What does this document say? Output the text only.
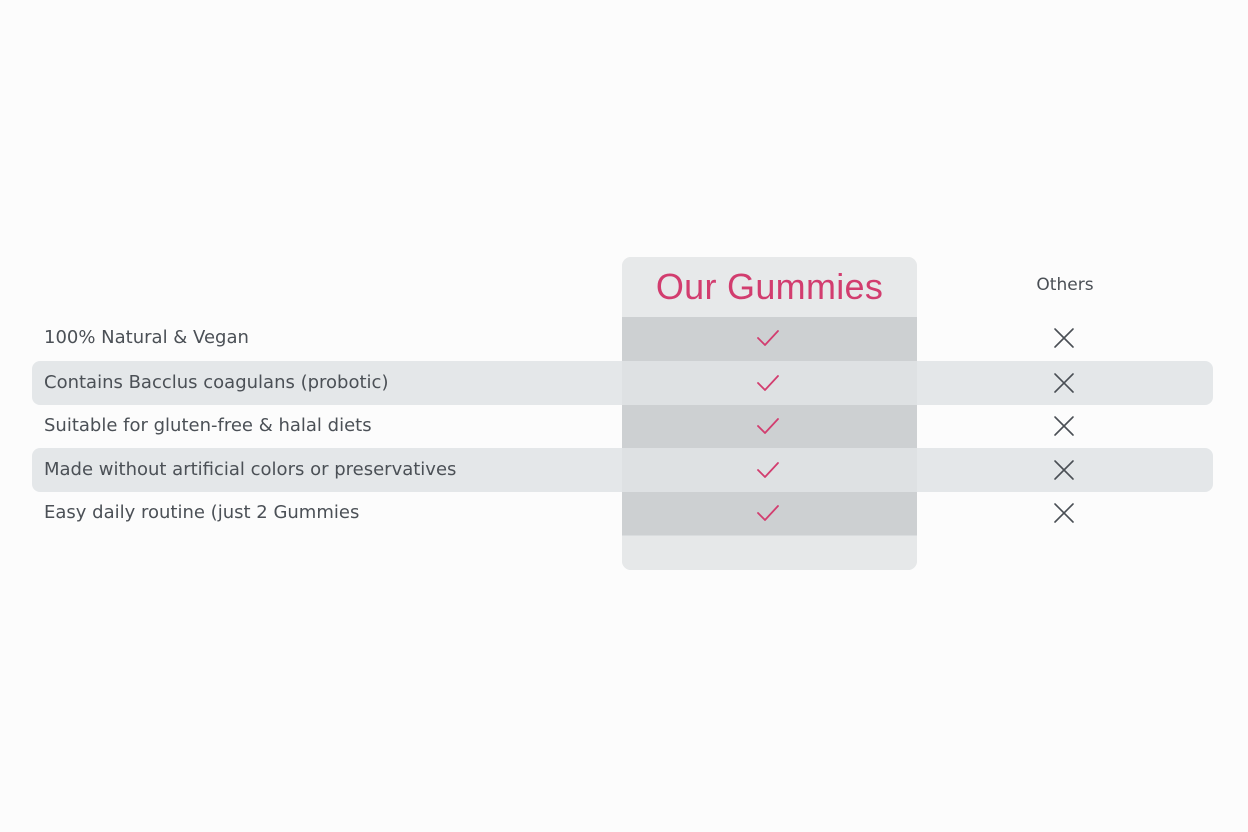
Our Gummies	Others
100% Natural & Vegan
Contains Bacclus coagulans (probotic)
Suitable for gluten-free & halal diets
Made without artificial colors or preservatives
Easy daily routine (just 2 Gummies
